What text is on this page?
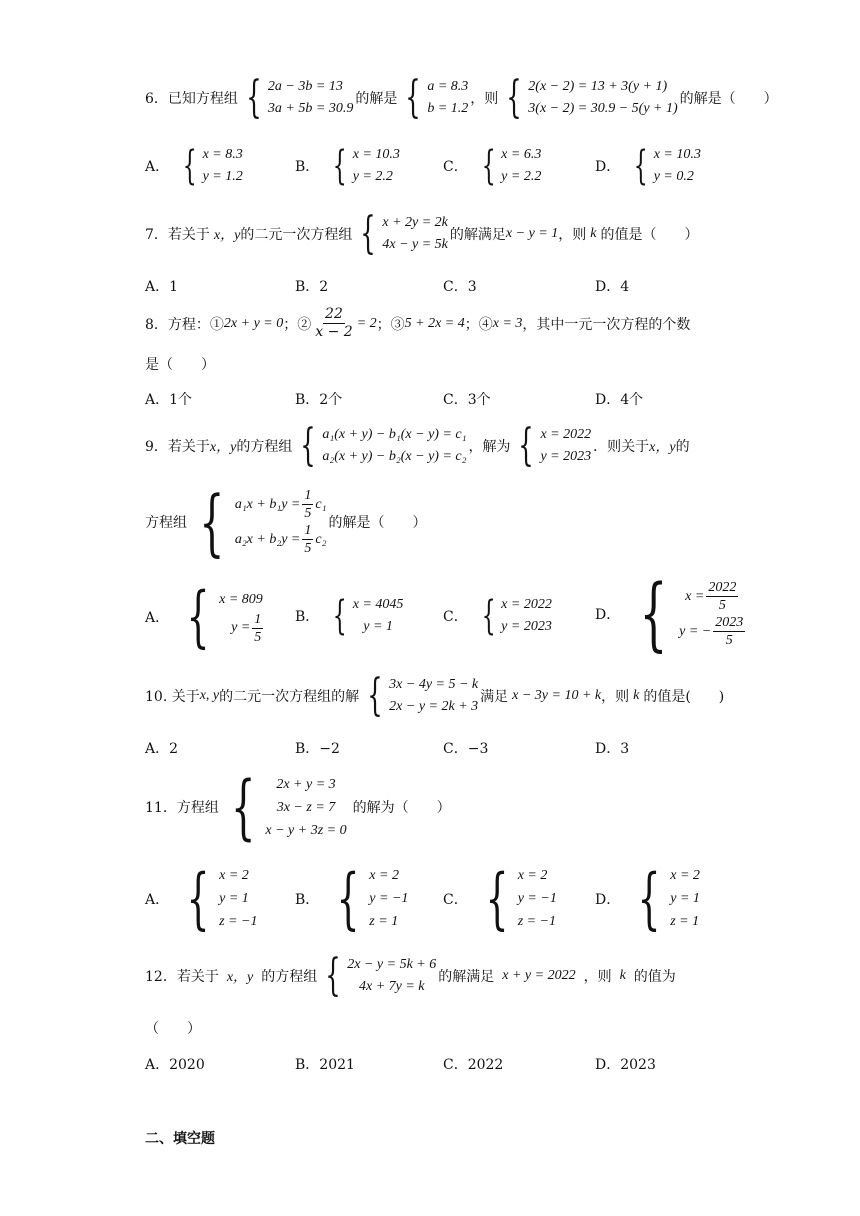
6．已知方程组 { 2a − 3b = 13
3a + 5b = 30.9
的解是 { a = 8.3
b = 1.2
，则 { 2(x − 2) = 13 + 3(y + 1)
3(x − 2) = 30.9 − 5(y + 1)
的解是（　　）
A． { x = 8.3
y = 1.2
B． { x = 10.3
y = 2.2
C． { x = 6.3
y = 2.2
D． { x = 10.3
y = 0.2
7．若关于 x，y 的二元一次方程组 { x + 2y = 2k
4x − y = 5k
的解满足 x − y = 1 ，则 k 的值是（　　）
A．1	B．2	C．3	D．4
8．方程：① 2x + y = 0 ；② $\frac{22}{x - 2} = 2$ ；③ 5 + 2x = 4 ；④ x = 3 ，其中一元一次方程的个数
是（　　）
A．1个	B．2个	C．3个	D．4个
9．若关于 x，y 的方程组 { a₁(x + y) − b₁(x − y) = c₁
a₂(x + y) − b₂(x − y) = c₂
，解为 { x = 2022
y = 2023
．则关于 x，y 的
方程组 { $a_1x + b_1y = \frac{1}{5} c_1$
$a_2x + b_2y = \frac{1}{5} c_2$
的解是（　　）
A． { x = 809
$y = \frac{1}{5}$ B． { x = 4045
y = 1
C． { x = 2022
y = 2023
D． { $x = \frac{2022}{5}$
y = − $\frac{2023}{5}$
10. 关于 x, y 的二元一次方程组的解 { 3x − 4y = 5 − k
2x − y = 2k + 3
满足 x − 3y = 10 + k ，则 k 的值是(　　)
A．2	B．−2	C．−3	D．3
11．方程组 {	2x + y = 3
3x − z = 7
x − y + 3z = 0
的解为（　　）
A． { x = 2
y = 1
z = −1
B． { x = 2
y = −1
z = 1
C． { x = 2
y = −1
z = −1
D． { x = 2
y = 1
z = 1
12．若关于 x，y 的方程组 { 2x − y = 5k + 6
4x + 7y = k
的解满足 x + y = 2022 ，则 k 的值为
（　　）
A．2020	B．2021	C．2022	D．2023
二、填空题
